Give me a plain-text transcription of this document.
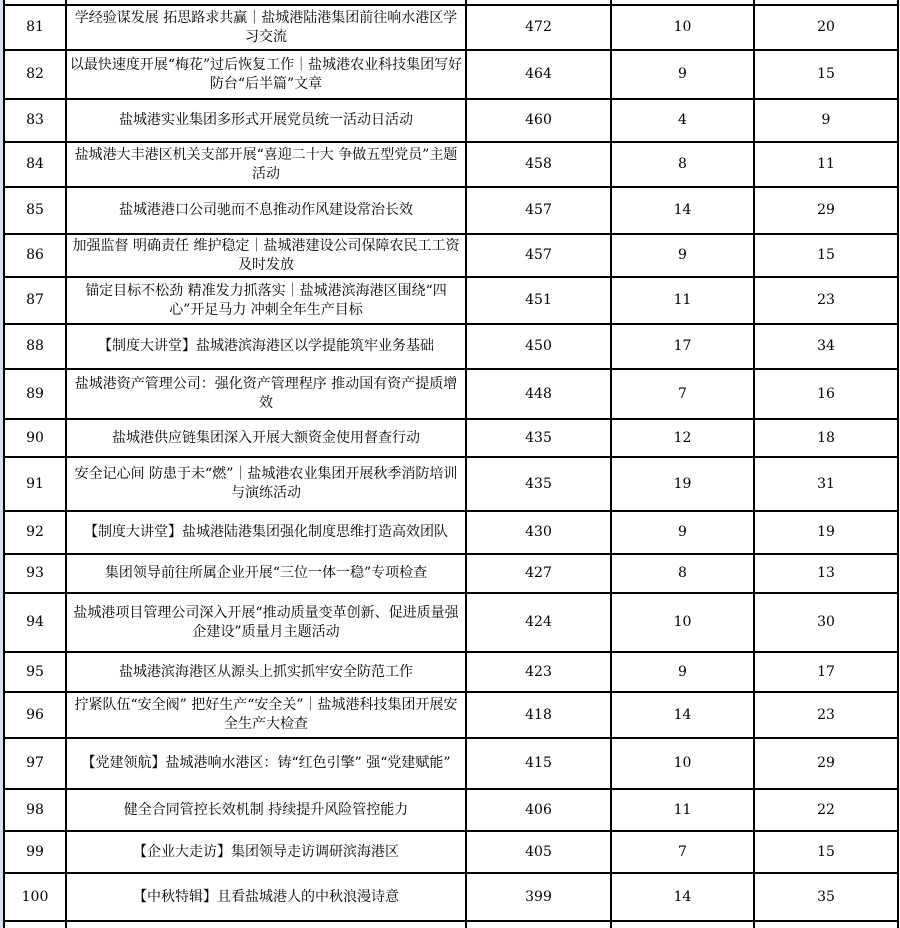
81	学经验谋发展 拓思路求共赢｜盐城港陆港集团前往响水港区学习交流	472	10	20
82	以最快速度开展“梅花”过后恢复工作｜盐城港农业科技集团写好防台“后半篇”文章	464	9	15
83	盐城港实业集团多形式开展党员统一活动日活动	460	4	9
84	盐城港大丰港区机关支部开展“喜迎二十大 争做五型党员”主题活动	458	8	11
85	盐城港港口公司驰而不息推动作风建设常治长效	457	14	29
86	加强监督 明确责任 维护稳定｜盐城港建设公司保障农民工工资及时发放	457	9	15
87	锚定目标不松劲 精准发力抓落实｜盐城港滨海港区围绕“四心”开足马力 冲刺全年生产目标	451	11	23
88	【制度大讲堂】盐城港滨海港区以学提能筑牢业务基础	450	17	34
89	盐城港资产管理公司：强化资产管理程序 推动国有资产提质增效	448	7	16
90	盐城港供应链集团深入开展大额资金使用督查行动	435	12	18
91	安全记心间 防患于未“燃”｜盐城港农业集团开展秋季消防培训与演练活动	435	19	31
92	【制度大讲堂】盐城港陆港集团强化制度思维打造高效团队	430	9	19
93	集团领导前往所属企业开展“三位一体一稳”专项检查	427	8	13
94	盐城港项目管理公司深入开展“推动质量变革创新、促进质量强企建设”质量月主题活动	424	10	30
95	盐城港滨海港区从源头上抓实抓牢安全防范工作	423	9	17
96	拧紧队伍“安全阀” 把好生产“安全关”｜盐城港科技集团开展安全生产大检查	418	14	23
97	【党建领航】盐城港响水港区：铸“红色引擎” 强“党建赋能”	415	10	29
98	健全合同管控长效机制 持续提升风险管控能力	406	11	22
99	【企业大走访】集团领导走访调研滨海港区	405	7	15
100	【中秋特辑】且看盐城港人的中秋浪漫诗意	399	14	35
